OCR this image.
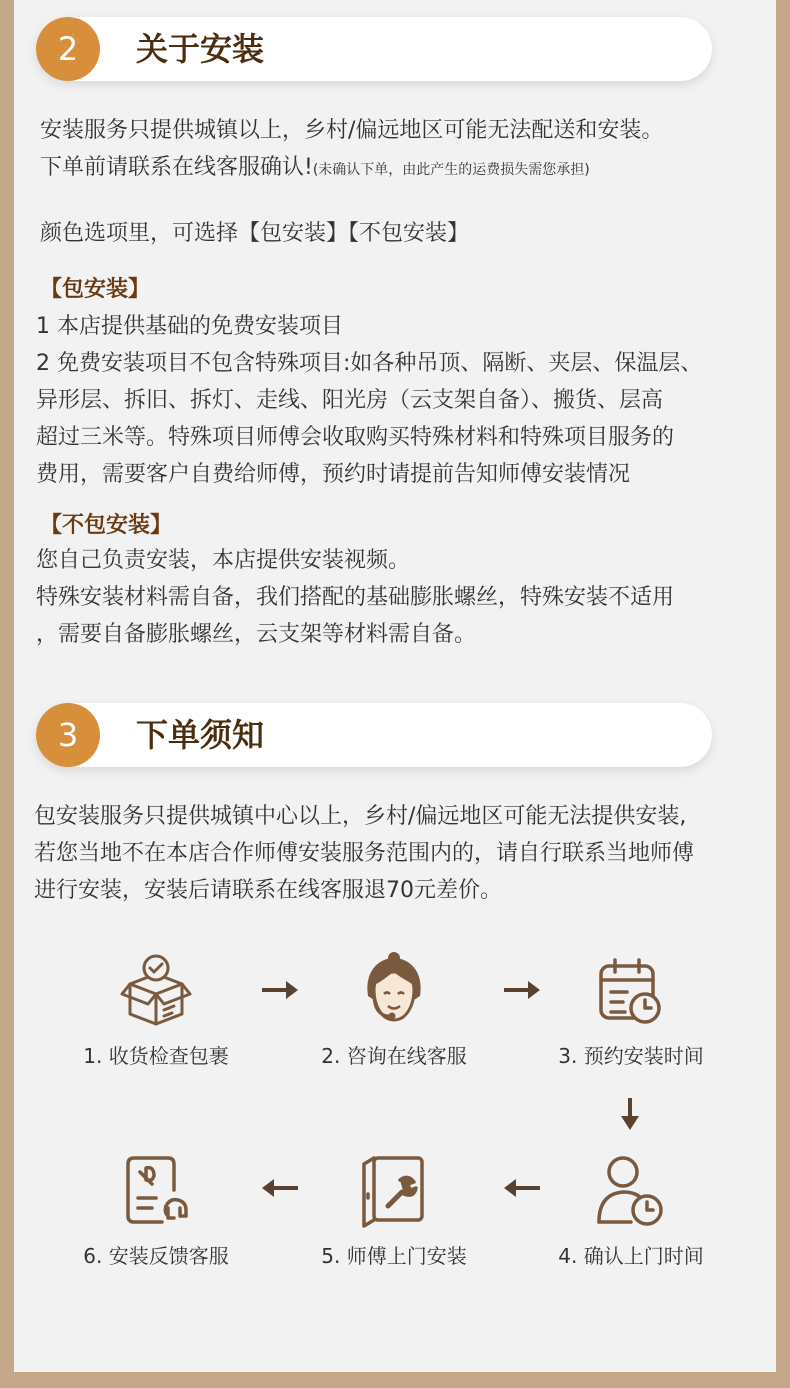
2	关于安装
安装服务只提供城镇以上，乡村/偏远地区可能无法配送和安装。
下单前请联系在线客服确认!(未确认下单，由此产生的运费损失需您承担)
颜色选项里，可选择【包安装】【不包安装】
【包安装】
1 本店提供基础的免费安装项目
2 免费安装项目不包含特殊项目:如各种吊顶、隔断、夹层、保温层、
异形层、拆旧、拆灯、走线、阳光房（云支架自备）、搬货、层高
超过三米等。特殊项目师傅会收取购买特殊材料和特殊项目服务的
费用，需要客户自费给师傅，预约时请提前告知师傅安装情况
【不包安装】
您自己负责安装，本店提供安装视频。
特殊安装材料需自备，我们搭配的基础膨胀螺丝，特殊安装不适用
，需要自备膨胀螺丝，云支架等材料需自备。
3	下单须知
包安装服务只提供城镇中心以上，乡村/偏远地区可能无法提供安装,
若您当地不在本店合作师傅安装服务范围内的，请自行联系当地师傅
进行安装，安装后请联系在线客服退70元差价。
1. 收货检查包裹	2. 咨询在线客服	3. 预约安装时间
6. 安装反馈客服	5. 师傅上门安装	4. 确认上门时间
